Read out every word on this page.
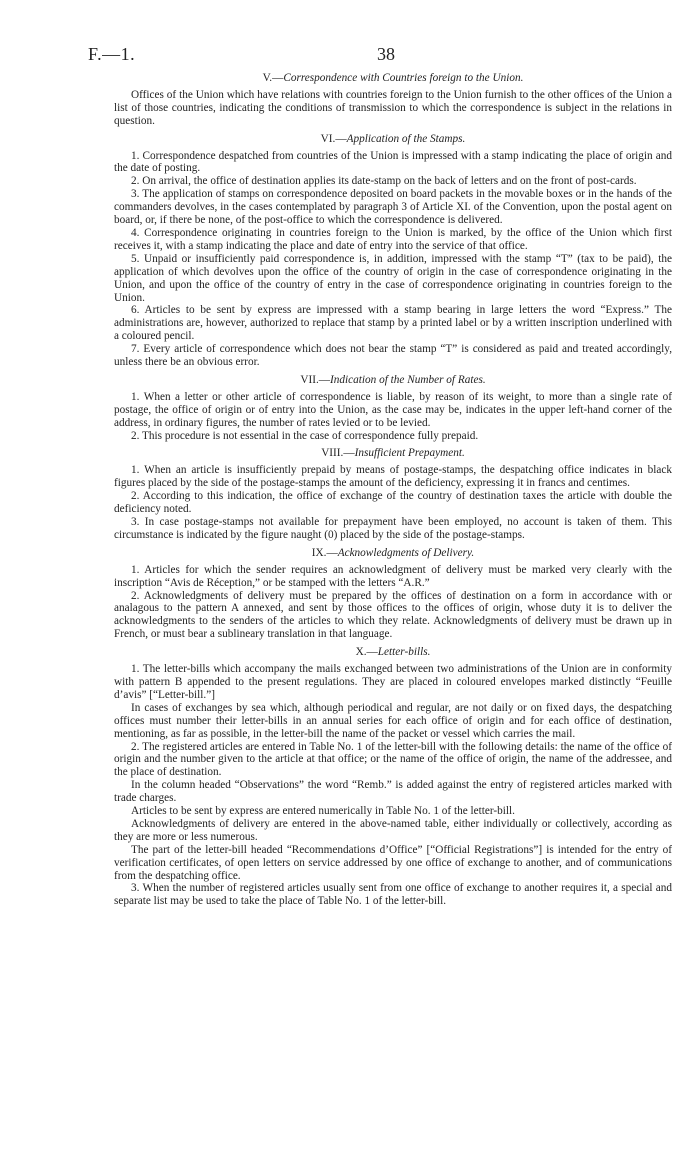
F.—1.	38
V.—Correspondence with Countries foreign to the Union.

Offices of the Union which have relations with countries foreign to the Union furnish to the other offices of the Union a list of those countries, indicating the conditions of transmission to which the correspondence is subject in the relations in question.

VI.—Application of the Stamps.

1. Correspondence despatched from countries of the Union is impressed with a stamp indicating the place of origin and the date of posting.

2. On arrival, the office of destination applies its date-stamp on the back of letters and on the front of post-cards.

3. The application of stamps on correspondence deposited on board packets in the movable boxes or in the hands of the commanders devolves, in the cases contemplated by paragraph 3 of Article XI. of the Convention, upon the postal agent on board, or, if there be none, of the post-office to which the correspondence is delivered.

4. Correspondence originating in countries foreign to the Union is marked, by the office of the Union which first receives it, with a stamp indicating the place and date of entry into the service of that office.

5. Unpaid or insufficiently paid correspondence is, in addition, impressed with the stamp “T” (tax to be paid), the application of which devolves upon the office of the country of origin in the case of correspondence originating in the Union, and upon the office of the country of entry in the case of correspondence originating in countries foreign to the Union.

6. Articles to be sent by express are impressed with a stamp bearing in large letters the word “Express.” The administrations are, however, authorized to replace that stamp by a printed label or by a written inscription underlined with a coloured pencil.

7. Every article of correspondence which does not bear the stamp “T” is considered as paid and treated accordingly, unless there be an obvious error.

VII.—Indication of the Number of Rates.

1. When a letter or other article of correspondence is liable, by reason of its weight, to more than a single rate of postage, the office of origin or of entry into the Union, as the case may be, indicates in the upper left-hand corner of the address, in ordinary figures, the number of rates levied or to be levied.

2. This procedure is not essential in the case of correspondence fully prepaid.

VIII.—Insufficient Prepayment.

1. When an article is insufficiently prepaid by means of postage-stamps, the despatching office indicates in black figures placed by the side of the postage-stamps the amount of the deficiency, expressing it in francs and centimes.

2. According to this indication, the office of exchange of the country of destination taxes the article with double the deficiency noted.

3. In case postage-stamps not available for prepayment have been employed, no account is taken of them. This circumstance is indicated by the figure naught (0) placed by the side of the postage-stamps.

IX.—Acknowledgments of Delivery.

1. Articles for which the sender requires an acknowledgment of delivery must be marked very clearly with the inscription “Avis de Réception,” or be stamped with the letters “A.R.”

2. Acknowledgments of delivery must be prepared by the offices of destination on a form in accordance with or analagous to the pattern A annexed, and sent by those offices to the offices of origin, whose duty it is to deliver the acknowledgments to the senders of the articles to which they relate. Acknowledgments of delivery must be drawn up in French, or must bear a sublineary translation in that language.

X.—Letter-bills.

1. The letter-bills which accompany the mails exchanged between two administrations of the Union are in conformity with pattern B appended to the present regulations. They are placed in coloured envelopes marked distinctly “Feuille d’avis” [“Letter-bill.”]

In cases of exchanges by sea which, although periodical and regular, are not daily or on fixed days, the despatching offices must number their letter-bills in an annual series for each office of origin and for each office of destination, mentioning, as far as possible, in the letter-bill the name of the packet or vessel which carries the mail.

2. The registered articles are entered in Table No. 1 of the letter-bill with the following details: the name of the office of origin and the number given to the article at that office; or the name of the office of origin, the name of the addressee, and the place of destination.

In the column headed “Observations” the word “Remb.” is added against the entry of registered articles marked with trade charges.

Articles to be sent by express are entered numerically in Table No. 1 of the letter-bill.

Acknowledgments of delivery are entered in the above-named table, either individually or collectively, according as they are more or less numerous.

The part of the letter-bill headed “Recommendations d’Office” [“Official Registrations”] is intended for the entry of verification certificates, of open letters on service addressed by one office of exchange to another, and of communications from the despatching office.

3. When the number of registered articles usually sent from one office of exchange to another requires it, a special and separate list may be used to take the place of Table No. 1 of the letter-bill.
